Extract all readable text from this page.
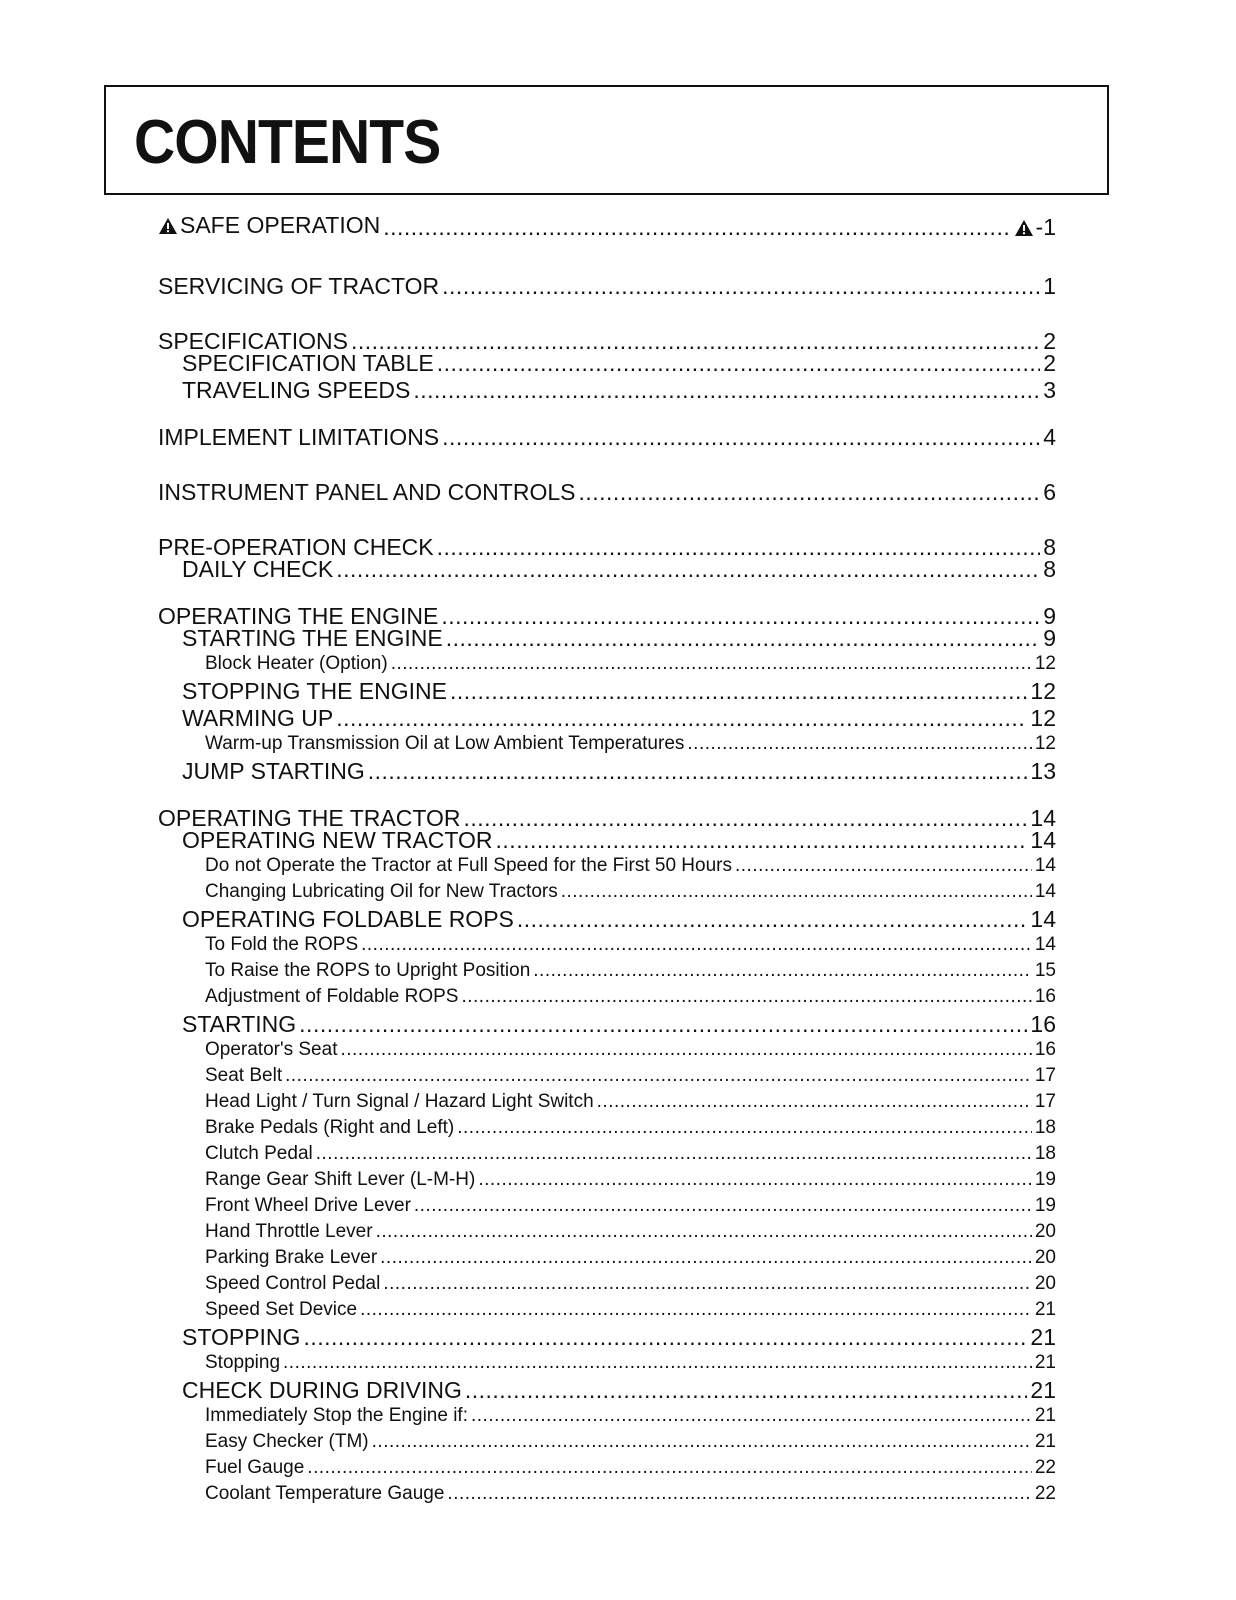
CONTENTS
SAFE OPERATION .....	-1
SERVICING OF TRACTOR .....	1
SPECIFICATIONS .....	2
SPECIFICATION TABLE .....	2
TRAVELING SPEEDS .....	3
IMPLEMENT LIMITATIONS .....	4
INSTRUMENT PANEL AND CONTROLS .....	6
PRE-OPERATION CHECK .....	8
DAILY CHECK .....	8
OPERATING THE ENGINE .....	9
STARTING THE ENGINE .....	9
Block Heater (Option) .....	12
STOPPING THE ENGINE .....	12
WARMING UP .....	12
Warm-up Transmission Oil at Low Ambient Temperatures .....	12
JUMP STARTING .....	13
OPERATING THE TRACTOR .....	14
OPERATING NEW TRACTOR .....	14
Do not Operate the Tractor at Full Speed for the First 50 Hours .....	14
Changing Lubricating Oil for New Tractors .....	14
OPERATING FOLDABLE ROPS .....	14
To Fold the ROPS .....	14
To Raise the ROPS to Upright Position .....	15
Adjustment of Foldable ROPS .....	16
STARTING .....	16
Operator's Seat .....	16
Seat Belt .....	17
Head Light / Turn Signal / Hazard Light Switch .....	17
Brake Pedals (Right and Left) .....	18
Clutch Pedal .....	18
Range Gear Shift Lever (L-M-H) .....	19
Front Wheel Drive Lever .....	19
Hand Throttle Lever .....	20
Parking Brake Lever .....	20
Speed Control Pedal .....	20
Speed Set Device .....	21
STOPPING .....	21
Stopping .....	21
CHECK DURING DRIVING .....	21
Immediately Stop the Engine if: .....	21
Easy Checker (TM) .....	21
Fuel Gauge .....	22
Coolant Temperature Gauge .....	22
